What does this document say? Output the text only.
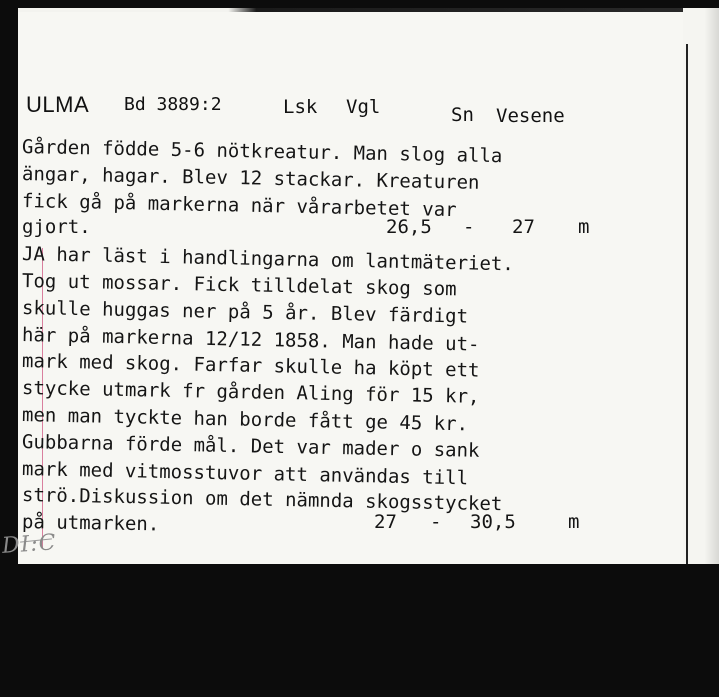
ULMA Bd 3889:2	Lsk Vgl	Sn Vesene
Gården födde 5-6 nötkreatur. Man slog alla
ängar, hagar. Blev 12 stackar. Kreaturen
fick gå på markerna när vårarbetet var

gjort.

	26,5

-

27

m

JA har läst i handlingarna om lantmäteriet.
Tog ut mossar. Fick tilldelat skog som
skulle huggas ner på 5 år. Blev färdigt
här på markerna 12/12 1858. Man hade ut-
mark med skog. Farfar skulle ha köpt ett
stycke utmark fr gården Aling för 15 kr,
men man tyckte han borde fått ge 45 kr.
Gubbarna förde mål. Det var mader o sank
mark med vitmosstuvor att användas till
strö.Diskussion om det nämnda skogsstycket

på utmarken.

	27

-

30,5

	m

DI:C
